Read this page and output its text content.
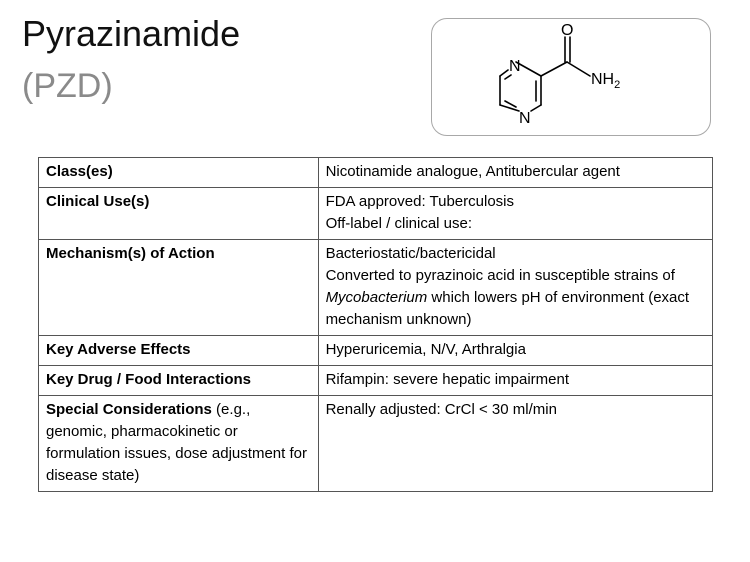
Pyrazinamide
(PZD)
O
N
N
$NH_2$
Class(es)	Nicotinamide analogue, Antitubercular agent
Clinical Use(s)	FDA approved: Tuberculosis
Off-label / clinical use:

Mechanism(s) of Action	Bacteriostatic/bactericidal
Converted to pyrazinoic acid in susceptible strains of Mycobacterium which lowers pH of environment (exact mechanism unknown)

Key Adverse Effects	Hyperuricemia, N/V, Arthralgia
Key Drug / Food Interactions	Rifampin: severe hepatic impairment
Special Considerations (e.g., genomic, pharmacokinetic or formulation issues, dose adjustment for disease state)	Renally adjusted: CrCl < 30 ml/min
